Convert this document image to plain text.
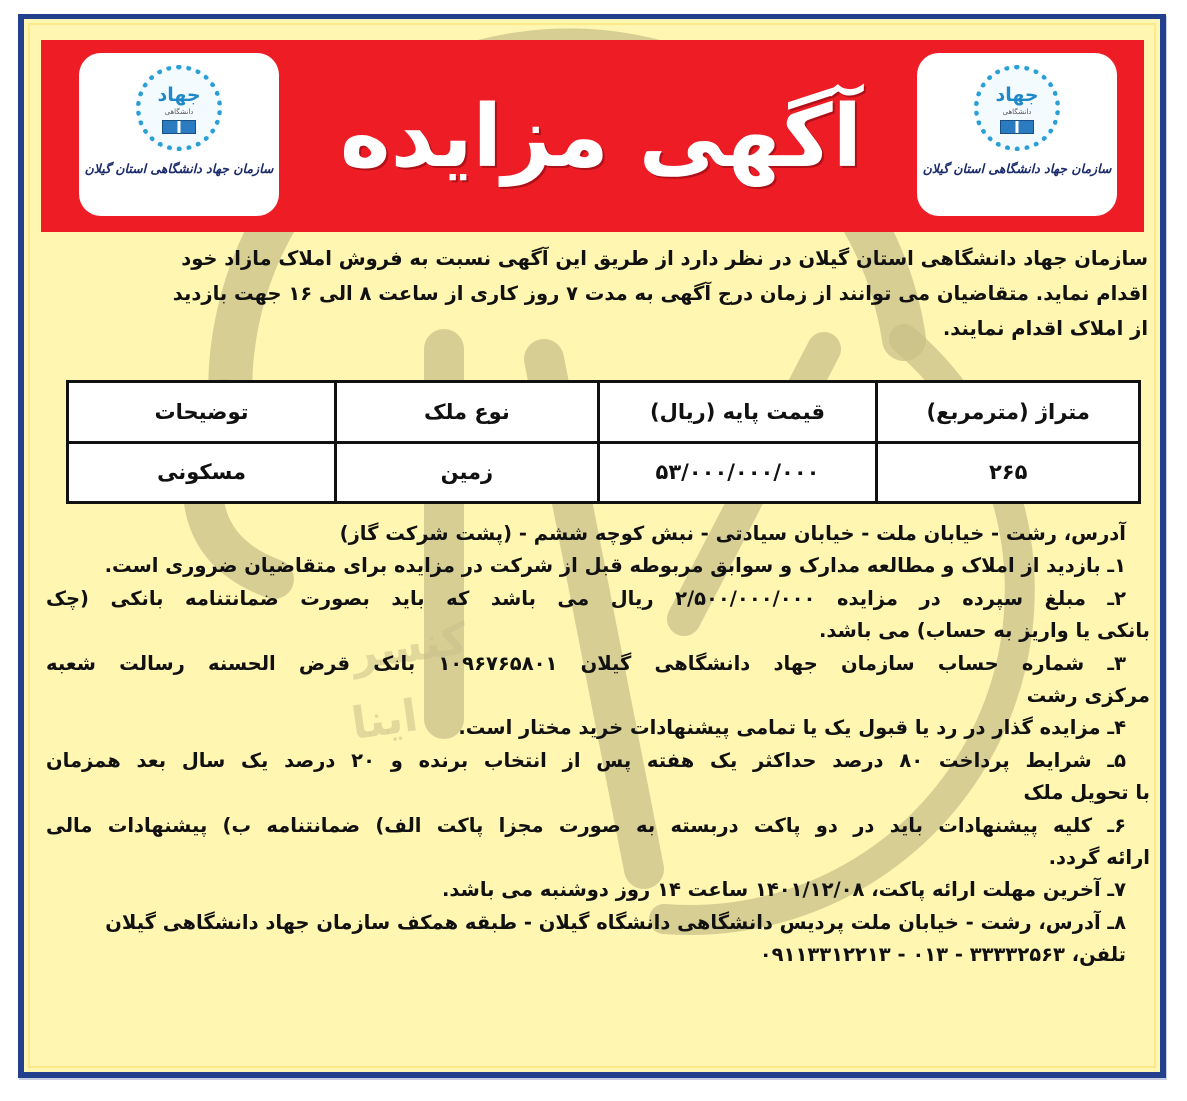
کنسر
اینا
جهاد
دانشگاهی
سازمان جهاد دانشگاهی استان گیلان آگهی مزایده	جهاد
دانشگاهی
سازمان جهاد دانشگاهی استان گیلان
سازمان جهاد دانشگاهی استان گیلان در نظر دارد از طریق این آگهی نسبت به فروش املاک مازاد خود
اقدام نماید. متقاضیان می توانند از زمان درج آگهی به مدت ۷ روز کاری از ساعت ۸ الی ۱۶ جهت بازدید
از املاک اقدام نمایند.
متراژ (مترمربع)	قیمت پایه (ریال)	نوع ملک	توضیحات
۲۶۵	۵۳/۰۰۰/۰۰۰/۰۰۰	زمین	مسکونی
آدرس، رشت - خیابان ملت - خیابان سیادتی - نبش کوچه ششم - (پشت شرکت گاز)
۱ـ بازدید از املاک و مطالعه مدارک و سوابق مربوطه قبل از شرکت در مزایده برای متقاضیان ضروری است.
۲ـ مبلغ سپرده در مزایده ۲/۵۰۰/۰۰۰/۰۰۰ ریال می باشد که باید بصورت ضمانتنامه بانکی (چک
بانکی یا واریز به حساب) می باشد.
۳ـ شماره حساب سازمان جهاد دانشگاهی گیلان ۱۰۹۶۷۶۵۸۰۱ بانک قرض الحسنه رسالت شعبه
مرکزی رشت
۴ـ مزایده گذار در رد یا قبول یک یا تمامی پیشنهادات خرید مختار است.
۵ـ شرایط پرداخت ۸۰ درصد حداکثر یک هفته پس از انتخاب برنده و ۲۰ درصد یک سال بعد همزمان
با تحویل ملک
۶ـ کلیه پیشنهادات باید در دو پاکت دربسته به صورت مجزا پاکت الف) ضمانتنامه ب) پیشنهادات مالی
ارائه گردد.
۷ـ آخرین مهلت ارائه پاکت، ۱۴۰۱/۱۲/۰۸ ساعت ۱۴ روز دوشنبه می باشد.
۸ـ آدرس، رشت - خیابان ملت پردیس دانشگاهی دانشگاه گیلان - طبقه همکف سازمان جهاد دانشگاهی گیلان
تلفن، ۳۳۳۳۲۵۶۳ - ۰۱۳ - ۰۹۱۱۳۳۱۲۲۱۳
